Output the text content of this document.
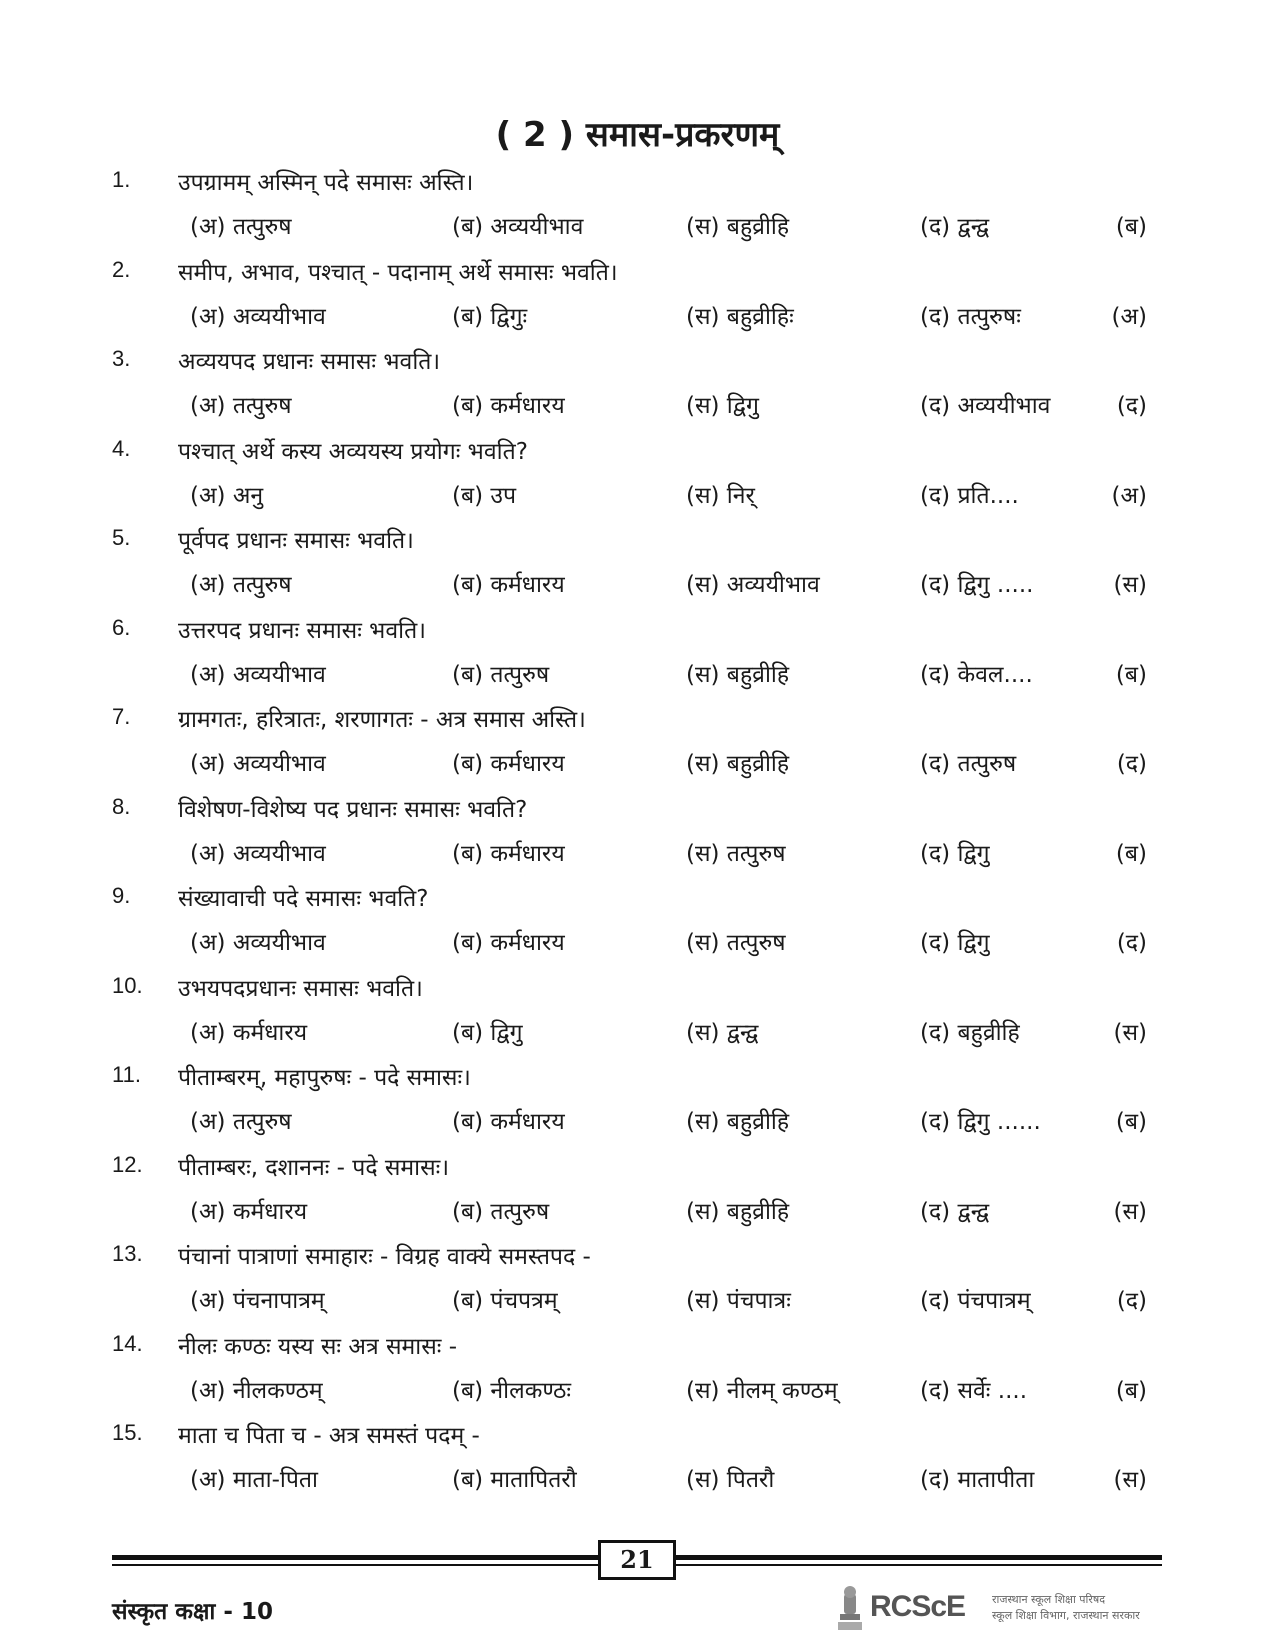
( 2 ) समास-प्रकरणम्
1. उपग्रामम् अस्मिन् पदे समासः अस्ति।
(अ) तत्पुरुष	(ब) अव्ययीभाव	(स) बहुव्रीहि	(द) द्वन्द्व	(ब)
2. समीप, अभाव, पश्चात् - पदानाम् अर्थे समासः भवति।
(अ) अव्ययीभाव	(ब) द्विगुः	(स) बहुव्रीहिः	(द) तत्पुरुषः	(अ)
3. अव्ययपद प्रधानः समासः भवति।
(अ) तत्पुरुष	(ब) कर्मधारय	(स) द्विगु	(द) अव्ययीभाव	(द)
4. पश्चात् अर्थे कस्य अव्ययस्य प्रयोगः भवति?
(अ) अनु	(ब) उप	(स) निर्	(द) प्रति....	(अ)
5. पूर्वपद प्रधानः समासः भवति।
(अ) तत्पुरुष	(ब) कर्मधारय	(स) अव्ययीभाव	(द) द्विगु .....	(स)
6. उत्तरपद प्रधानः समासः भवति।
(अ) अव्ययीभाव	(ब) तत्पुरुष	(स) बहुव्रीहि	(द) केवल....	(ब)
7. ग्रामगतः, हरित्रातः, शरणागतः - अत्र समास अस्ति।
(अ) अव्ययीभाव	(ब) कर्मधारय	(स) बहुव्रीहि	(द) तत्पुरुष	(द)
8. विशेषण-विशेष्य पद प्रधानः समासः भवति?
(अ) अव्ययीभाव	(ब) कर्मधारय	(स) तत्पुरुष	(द) द्विगु	(ब)
9. संख्यावाची पदे समासः भवति?
(अ) अव्ययीभाव	(ब) कर्मधारय	(स) तत्पुरुष	(द) द्विगु	(द)
10. उभयपदप्रधानः समासः भवति।
(अ) कर्मधारय	(ब) द्विगु	(स) द्वन्द्व	(द) बहुव्रीहि	(स)
11. पीताम्बरम्, महापुरुषः - पदे समासः।
(अ) तत्पुरुष	(ब) कर्मधारय	(स) बहुव्रीहि	(द) द्विगु ......	(ब)
12. पीताम्बरः, दशाननः - पदे समासः।
(अ) कर्मधारय	(ब) तत्पुरुष	(स) बहुव्रीहि	(द) द्वन्द्व	(स)
13. पंचानां पात्राणां समाहारः - विग्रह वाक्ये समस्तपद -
(अ) पंचनापात्रम्	(ब) पंचपत्रम्	(स) पंचपात्रः	(द) पंचपात्रम्	(द)
14. नीलः कण्ठः यस्य सः अत्र समासः -
(अ) नीलकण्ठम्	(ब) नीलकण्ठः	(स) नीलम् कण्ठम्	(द) सर्वेः ....	(ब)
15. माता च पिता च - अत्र समस्तं पदम् -
(अ) माता-पिता	(ब) मातापितरौ	(स) पितरौ	(द) मातापीता	(स)
21
संस्कृत कक्षा - 10	RCScE राजस्थान स्कूल शिक्षा परिषद
स्कूल शिक्षा विभाग, राजस्थान सरकार
